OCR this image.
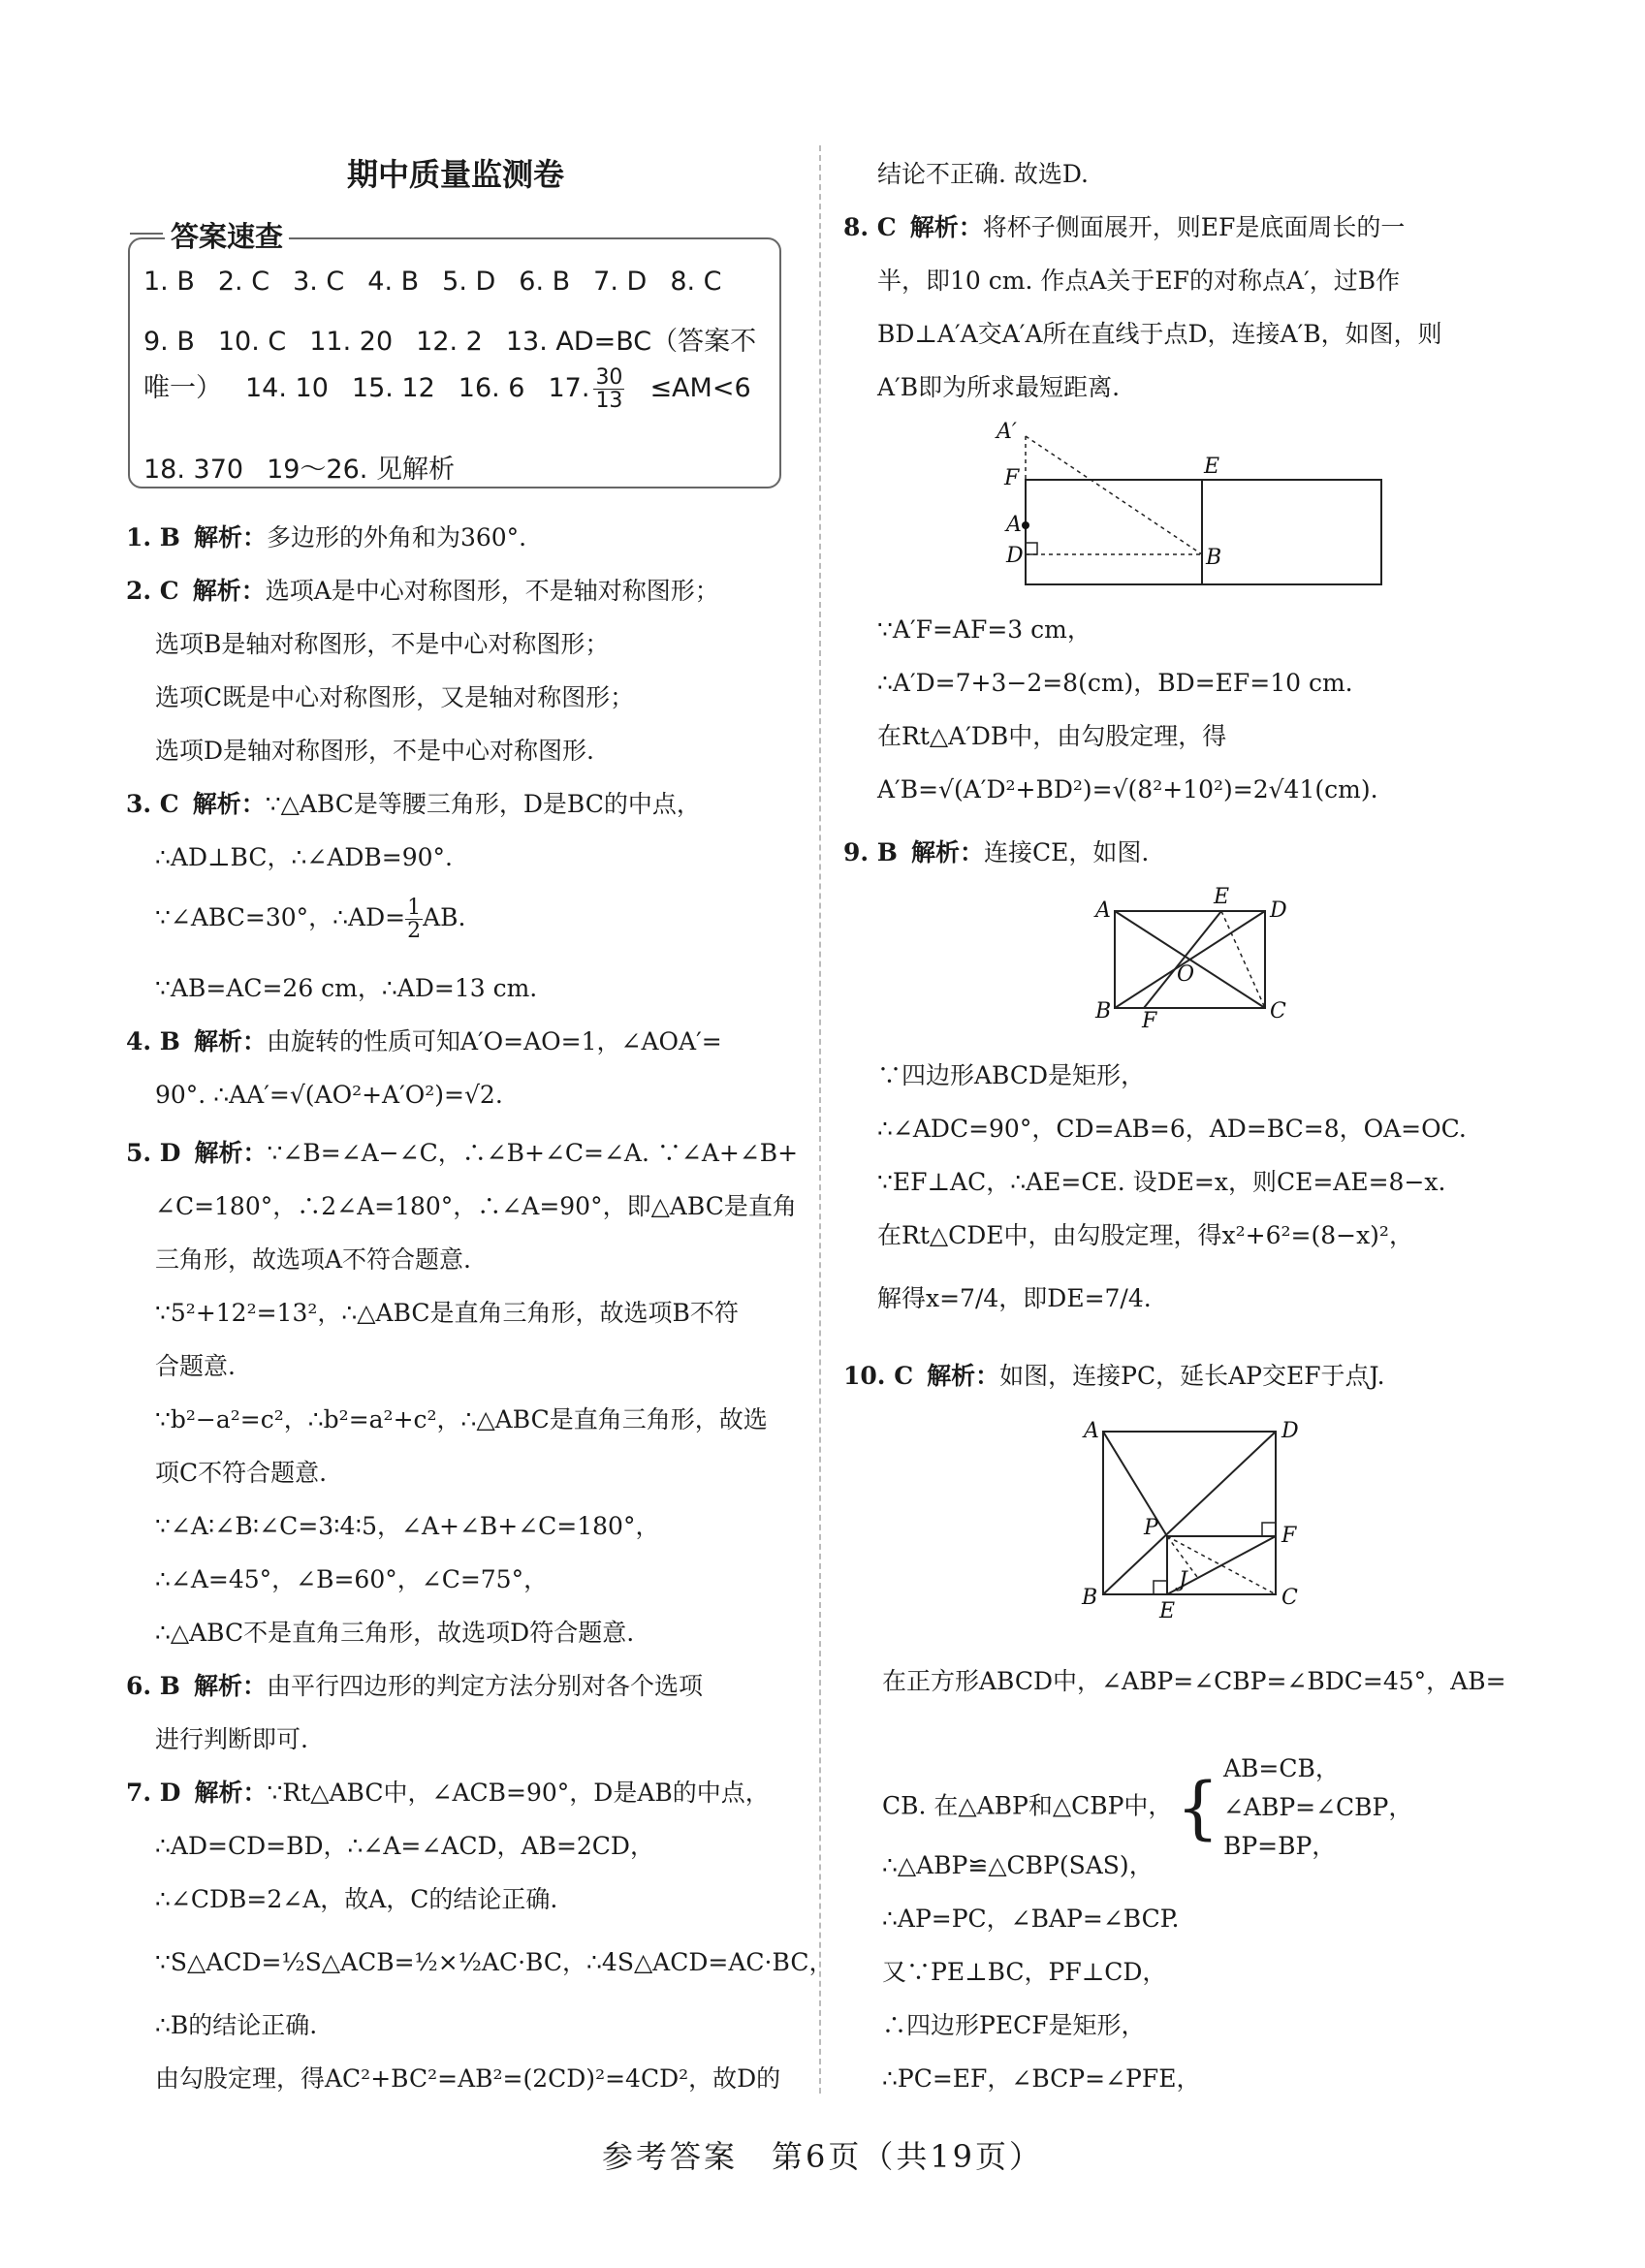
期中质量监测卷
答案速查
1. B 2. C 3. C 4. B 5. D 6. B 7. D 8. C
9. B 10. C 11. 20 12. 2 13. AD=BC（答案不
唯一） 14. 10 15. 12 16. 6 17. $\frac{30}{13} \le AM<6$
18. 370 19～26. 见解析
1. B 解析：多边形的外角和为360°.
2. C 解析：选项A是中心对称图形，不是轴对称图形；
选项B是轴对称图形，不是中心对称图形；
选项C既是中心对称图形，又是轴对称图形；
选项D是轴对称图形，不是中心对称图形.
3. C 解析：∵△ABC是等腰三角形，D是BC的中点，
∴AD⊥BC，∴∠ADB=90°.
∵∠ABC=30°，∴AD= $\frac{1}{2}$ AB.
∵AB=AC=26 cm，∴AD=13 cm.
4. B 解析：由旋转的性质可知A′O=AO=1，∠AOA′=
90°. ∴AA′=√(AO²+A′O²)=√2.
5. D 解析：∵∠B=∠A−∠C，∴∠B+∠C=∠A. ∵∠A+∠B+
∠C=180°，∴2∠A=180°，∴∠A=90°，即△ABC是直角
三角形，故选项A不符合题意.
∵5²+12²=13²，∴△ABC是直角三角形，故选项B不符
合题意.
∵b²−a²=c²，∴b²=a²+c²，∴△ABC是直角三角形，故选
项C不符合题意.
∵∠A∶∠B∶∠C=3∶4∶5，∠A+∠B+∠C=180°，
∴∠A=45°，∠B=60°，∠C=75°，
∴△ABC不是直角三角形，故选项D符合题意.
6. B 解析：由平行四边形的判定方法分别对各个选项
进行判断即可.
7. D 解析：∵Rt△ABC中，∠ACB=90°，D是AB的中点，
∴AD=CD=BD，∴∠A=∠ACD，AB=2CD，
∴∠CDB=2∠A，故A，C的结论正确.
∵S△ACD=½S△ACB=½×½AC·BC，∴4S△ACD=AC·BC，
∴B的结论正确.
由勾股定理，得AC²+BC²=AB²=(2CD)²=4CD²，故D的
结论不正确. 故选D.
8. C 解析：将杯子侧面展开，则EF是底面周长的一
半，即10 cm. 作点A关于EF的对称点A′，过B作
BD⊥A′A交A′A所在直线于点D，连接A′B，如图，则
A′B即为所求最短距离.
A′
F	E
A
D	B
∵A′F=AF=3 cm，
∴A′D=7+3−2=8(cm)，BD=EF=10 cm.
在Rt△A′DB中，由勾股定理，得
A′B=√(A′D²+BD²)=√(8²+10²)=2√41(cm).
9. B 解析：连接CE，如图.
A
E
D
O
B F	C
∵四边形ABCD是矩形，
∴∠ADC=90°，CD=AB=6，AD=BC=8，OA=OC.
∵EF⊥AC，∴AE=CE. 设DE=x，则CE=AE=8−x.
在Rt△CDE中，由勾股定理，得x²+6²=(8−x)²，
解得x=7/4，即DE=7/4.
10. C 解析：如图，连接PC，延长AP交EF于点J.
A	D
P	F
J
B
E
C
在正方形ABCD中，∠ABP=∠CBP=∠BDC=45°，AB=
CB. 在△ABP和△CBP中，{ AB=CB，
∠ABP=∠CBP，
BP=BP，
∴△ABP≌△CBP(SAS)，
∴AP=PC，∠BAP=∠BCP.
又∵PE⊥BC，PF⊥CD，
∴四边形PECF是矩形，
∴PC=EF，∠BCP=∠PFE，
参考答案　第6页（共19页）
